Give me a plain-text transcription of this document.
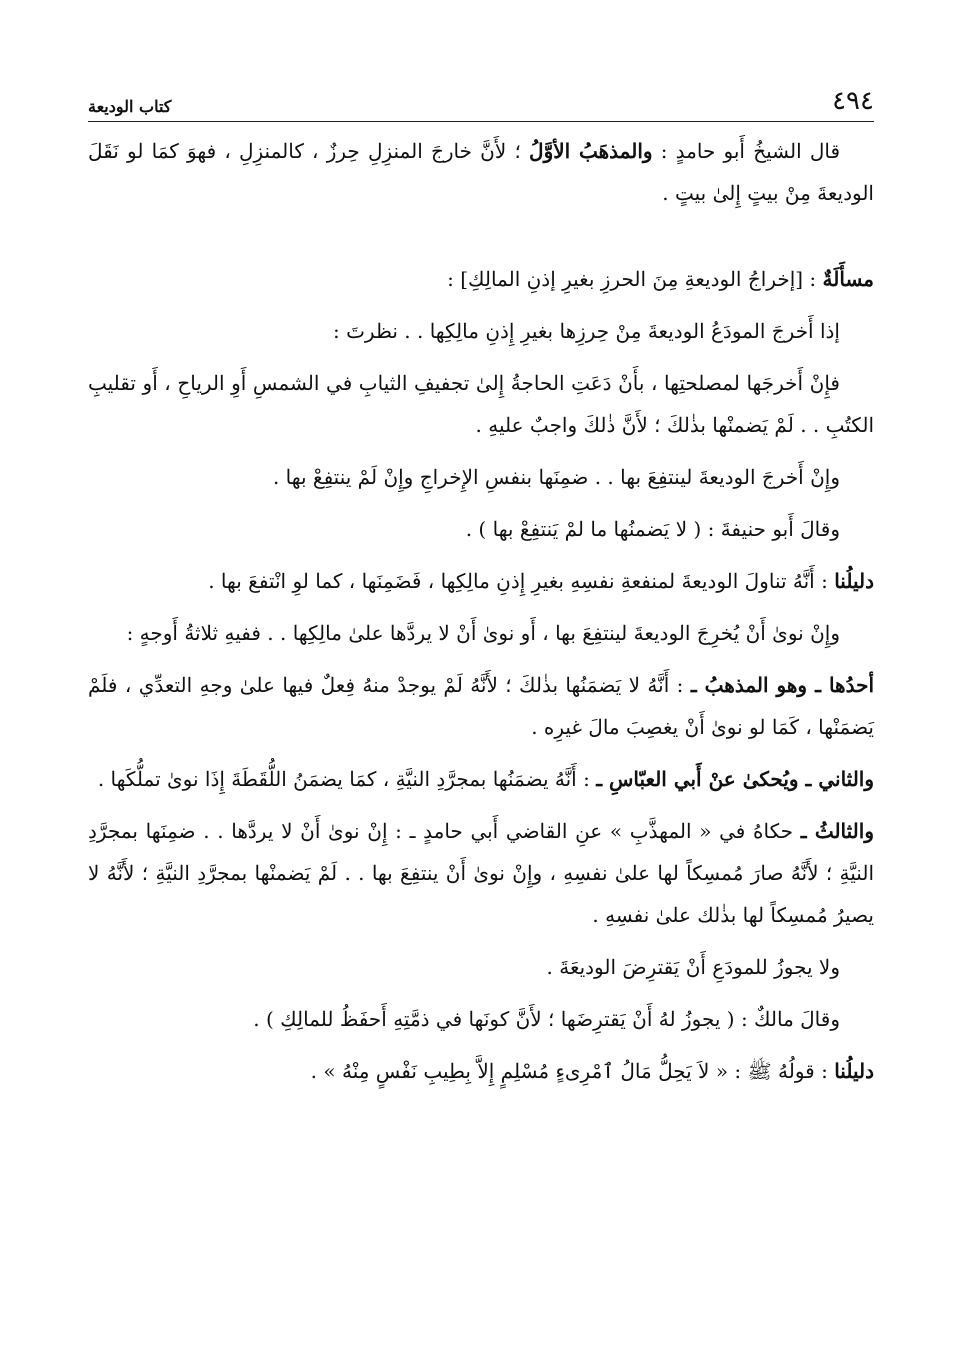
٤٩٤
كتاب الوديعة

قال الشيخُ أَبو حامدٍ : والمذهَبُ الأوَّلُ ؛ لأَنَّ خارجَ المنزِلِ حِرزٌ ، كالمنزِلِ ، فهوَ كمَا لو نَقَلَ الوديعةَ مِنْ بيتٍ إِلىٰ بيتٍ .

مسأَلَةٌ : [إخراجُ الوديعةِ مِنَ الحرزِ بغيرِ إذنِ المالِكِ] :

إذا أَخرجَ المودَعُ الوديعةَ مِنْ حِرزِها بغيرِ إِذنِ مالِكِها . . نظرتَ :

فإِنْ أَخرجَها لمصلحتِها ، بأَنْ دَعَتِ الحاجةُ إِلىٰ تجفيفِ الثيابِ في الشمسِ أَوِ الرياحِ ، أَو تقليبِ الكتُبِ . . لَمْ يَضمنْها بذٰلكَ ؛ لأَنَّ ذٰلكَ واجبٌ عليهِ .

وإِنْ أَخرجَ الوديعةَ لينتفِعَ بها . . ضمِنَها بنفسِ الإِخراجِ وإِنْ لَمْ ينتفِعْ بها .

وقالَ أَبو حنيفةَ : ( لا يَضمنُها ما لمْ يَنتفِعْ بها ) .

دليلُنا : أَنَّهُ تناولَ الوديعةَ لمنفعةِ نفسِهِ بغيرِ إِذنِ مالِكِها ، فَضَمِنَها ، كما لوِ انْتفعَ بها .

وإِنْ نوىٰ أَنْ يُخرِجَ الوديعةَ لينتفِعَ بها ، أَو نوىٰ أَنْ لا يردَّها علىٰ مالِكِها . . ففيهِ ثلاثةُ أَوجهٍ :

أحدُها ـ وهو المذهبُ ـ : أَنَّهُ لا يَضمَنُها بذٰلكَ ؛ لأَنَّهُ لَمْ يوجدْ منهُ فِعلٌ فيها علىٰ وجهِ التعدِّي ، فلَمْ يَضمَنْها ، كَمَا لو نوىٰ أَنْ يغصِبَ مالَ غيرِه .

والثاني ـ ويُحكىٰ عنْ أَبي العبّاسِ ـ : أَنَّهُ يضمَنُها بمجرَّدِ النيَّةِ ، كمَا يضمَنُ اللُّقَطَةَ إِذَا نوىٰ تملُّكَها .

والثالثُ ـ حكاهُ في « المهذَّبِ » عنِ القاضي أَبي حامدٍ ـ : إِنْ نوىٰ أَنْ لا يردَّها . . ضمِنَها بمجرَّدِ النيَّةِ ؛ لأَنَّهُ صارَ مُمسِكاً لها علىٰ نفسِهِ ، وإِنْ نوىٰ أَنْ ينتفِعَ بها . . لَمْ يَضمنْها بمجرَّدِ النيَّةِ ؛ لأَنَّهُ لا يصيرُ مُمسِكاً لها بذٰلك علىٰ نفسِهِ .

ولا يجوزُ للمودَعِ أَنْ يَقترِضَ الوديعَةَ .

وقالَ مالكٌ : ( يجوزُ لهُ أَنْ يَقترِضَها ؛ لأَنَّ كونَها في ذمَّتِهِ أَحفَظُ للمالِكِ ) .

دليلُنا : قولُهُ ﷺ : « لاَ يَحِلُّ مَالُ ٱمْرِىءٍ مُسْلِمٍ إِلاَّ بِطِيبِ نَفْسٍ مِنْهُ » .
